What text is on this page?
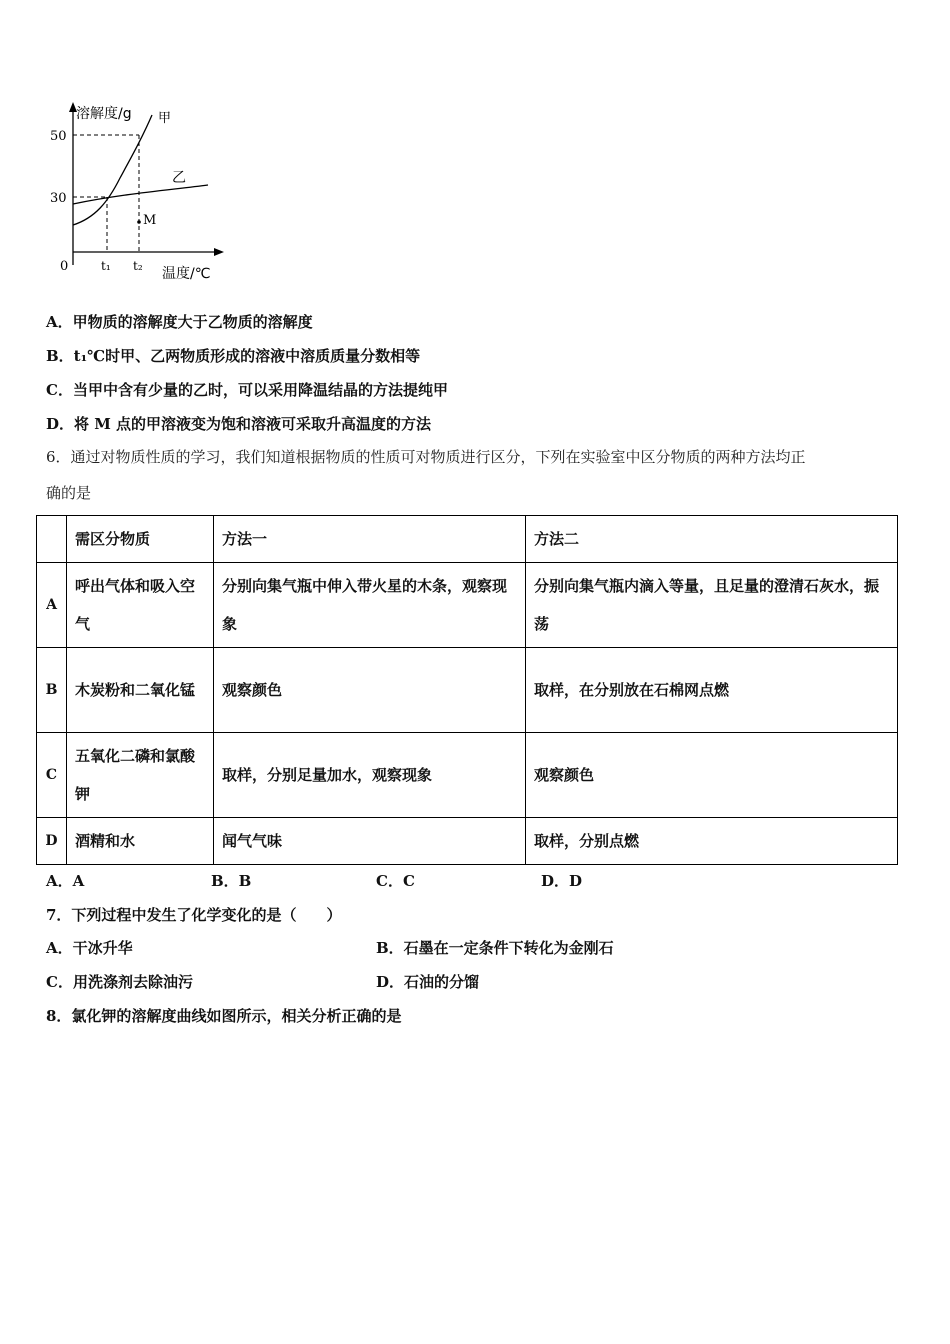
溶解度/g 甲
乙
M
50
30
0	t₁ t₂ 温度/℃
A．甲物质的溶解度大于乙物质的溶解度
B．t₁℃时甲、乙两物质形成的溶液中溶质质量分数相等
C．当甲中含有少量的乙时，可以采用降温结晶的方法提纯甲
D．将 M 点的甲溶液变为饱和溶液可采取升高温度的方法
6．通过对物质性质的学习，我们知道根据物质的性质可对物质进行区分，下列在实验室中区分物质的两种方法均正
确的是
	需区分物质	方法一	方法二
A	呼出气体和吸入空气	分别向集气瓶中伸入带火星的木条，观察现象	分别向集气瓶内滴入等量，且足量的澄清石灰水，振荡
B	木炭粉和二氧化锰	观察颜色	取样，在分别放在石棉网点燃
C	五氧化二磷和氯酸钾	取样，分别足量加水，观察现象	观察颜色
D	酒精和水	闻气气味	取样，分别点燃
A．A	B．B	C．C	D．D
7．下列过程中发生了化学变化的是（　　）
A．干冰升华	B．石墨在一定条件下转化为金刚石
C．用洗涤剂去除油污	D．石油的分馏
8．氯化钾的溶解度曲线如图所示，相关分析正确的是
